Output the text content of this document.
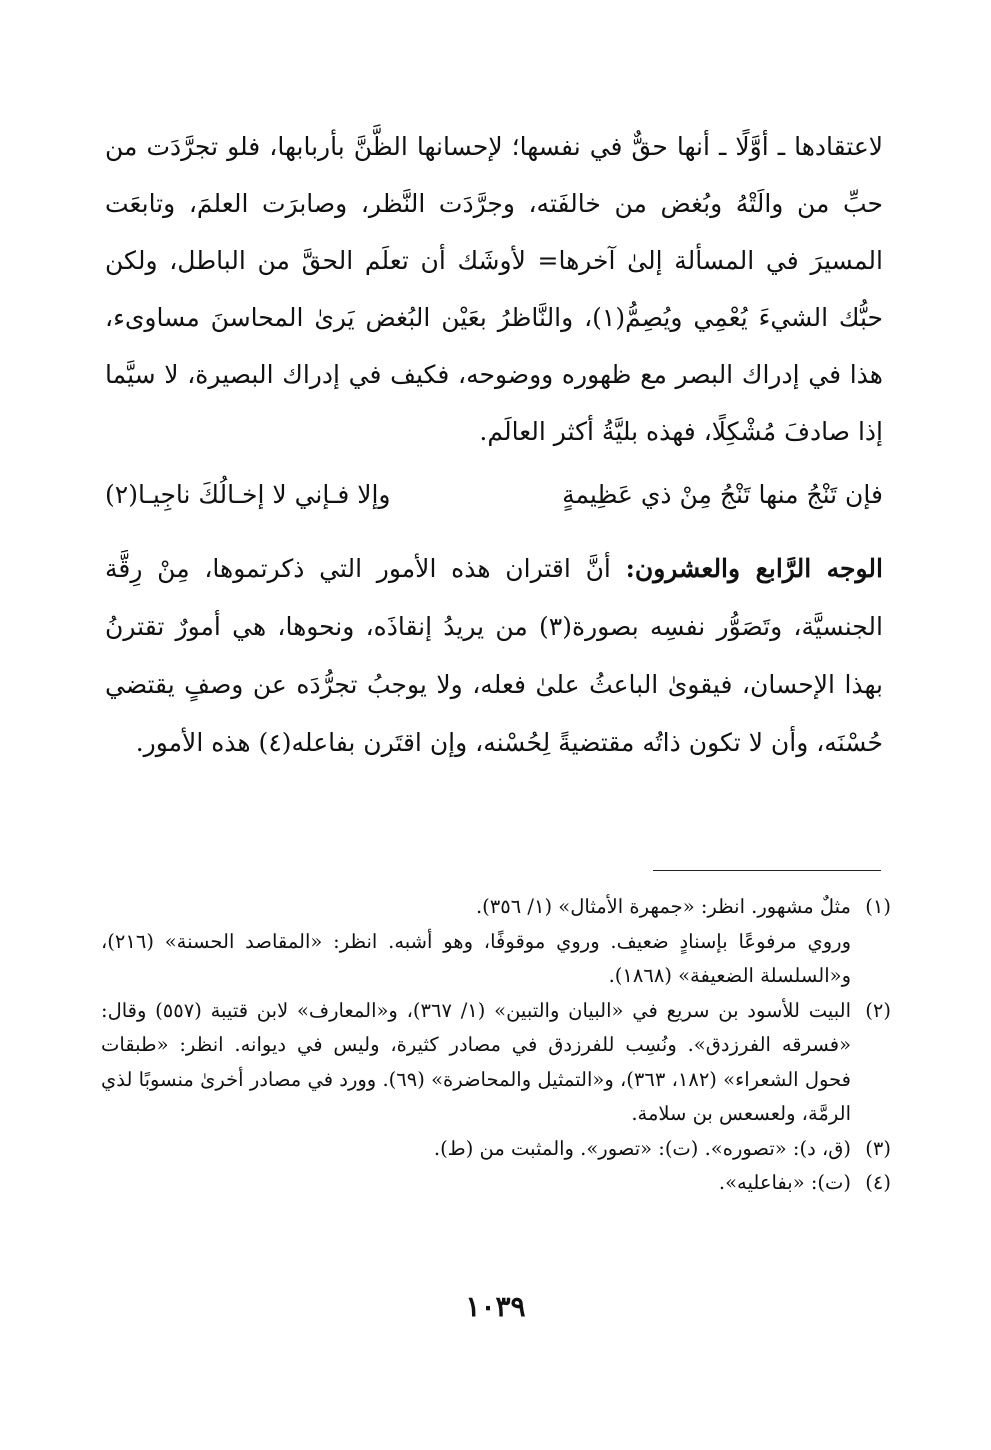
لاعتقادها ـ أوَّلًا ـ أنها حقٌّ في نفسها؛ لإحسانها الظَّنَّ بأربابها، فلو تجرَّدَت من حبِّ من والَتْهُ وبُغض من خالفَته، وجرَّدَت النَّظر، وصابرَت العلمَ، وتابعَت المسيرَ في المسألة إلىٰ آخرها= لأوشَك أن تعلَم الحقَّ من الباطل، ولكن حبُّك الشيءَ يُعْمِي ويُصِمُّ(١)، والنَّاظرُ بعَيْن البُغض يَرىٰ المحاسنَ مساوىء، هذا في إدراك البصر مع ظهوره ووضوحه، فكيف في إدراك البصيرة، لا سيَّما إذا صادفَ مُشْكِلًا، فهذه بليَّةُ أكثر العالَم.

فإن تَنْجُ منها تَنْجُ مِنْ ذي عَظِيمةٍ
وإلا فـإني لا إخـالُكَ ناجِيـا(٢)

الوجه الرَّابع والعشرون: أنَّ اقتران هذه الأمور التي ذكرتموها، مِنْ رِقَّة الجنسيَّة، وتَصَوُّر نفسِه بصورة(٣) من يريدُ إنقاذَه، ونحوها، هي أمورٌ تقترنُ بهذا الإحسان، فيقوىٰ الباعثُ علىٰ فعله، ولا يوجبُ تجرُّدَه عن وصفٍ يقتضي حُسْنَه، وأن لا تكون ذاتُه مقتضيةً لِحُسْنه، وإن اقتَرن بفاعله(٤) هذه الأمور.

(١)

مثلٌ مشهور. انظر: «جمهرة الأمثال» (١/ ٣٥٦).

وروي مرفوعًا بإسنادٍ ضعيف. وروي موقوفًا، وهو أشبه. انظر: «المقاصد الحسنة» (٢١٦)، و«السلسلة الضعيفة» (١٨٦٨).

(٢)

البيت للأسود بن سريع في «البيان والتبين» (١/ ٣٦٧)، و«المعارف» لابن قتيبة (٥٥٧) وقال: «فسرقه الفرزدق». ونُسِب للفرزدق في مصادر كثيرة، وليس في ديوانه. انظر: «طبقات فحول الشعراء» (١٨٢، ٣٦٣)، و«التمثيل والمحاضرة» (٦٩). وورد في مصادر أخرىٰ منسوبًا لذي الرمَّة، ولعسعس بن سلامة.

(٣)

(ق، د): «تصوره». (ت): «تصور». والمثبت من (ط).

(٤)

(ت): «بفاعليه».

١٠٣٩
